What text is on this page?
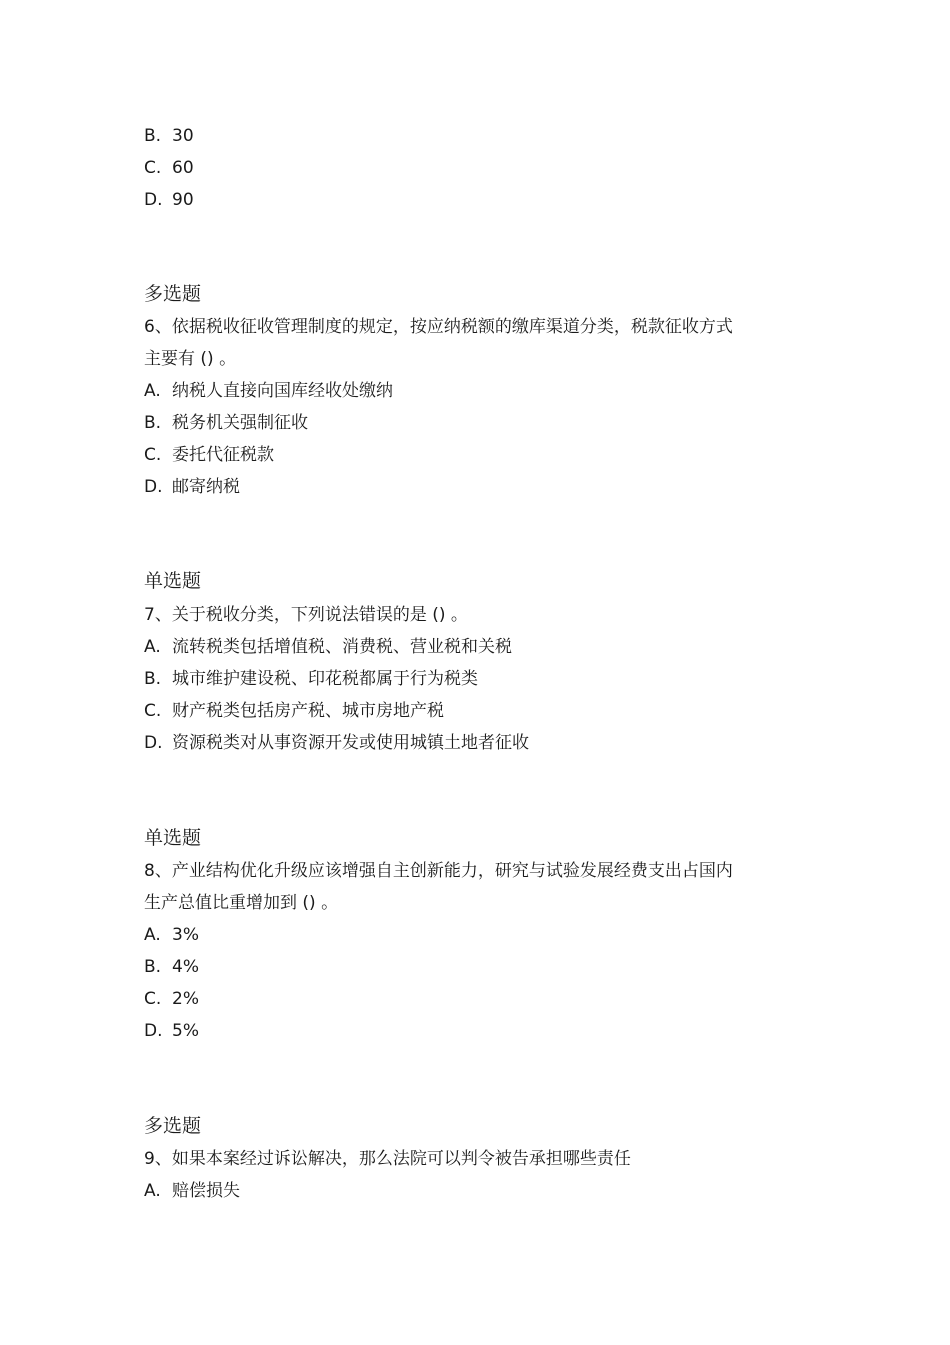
B. 30
C. 60
D. 90
多选题
6、依据税收征收管理制度的规定，按应纳税额的缴库渠道分类，税款征收方式
主要有 () 。
A. 纳税人直接向国库经收处缴纳
B. 税务机关强制征收
C. 委托代征税款
D. 邮寄纳税
单选题
7、关于税收分类，下列说法错误的是 () 。
A. 流转税类包括增值税、消费税、营业税和关税
B. 城市维护建设税、印花税都属于行为税类
C. 财产税类包括房产税、城市房地产税
D. 资源税类对从事资源开发或使用城镇土地者征收
单选题
8、产业结构优化升级应该增强自主创新能力，研究与试验发展经费支出占国内
生产总值比重增加到 () 。
A. 3%
B. 4%
C. 2%
D. 5%
多选题
9、如果本案经过诉讼解决，那么法院可以判令被告承担哪些责任
A. 赔偿损失
